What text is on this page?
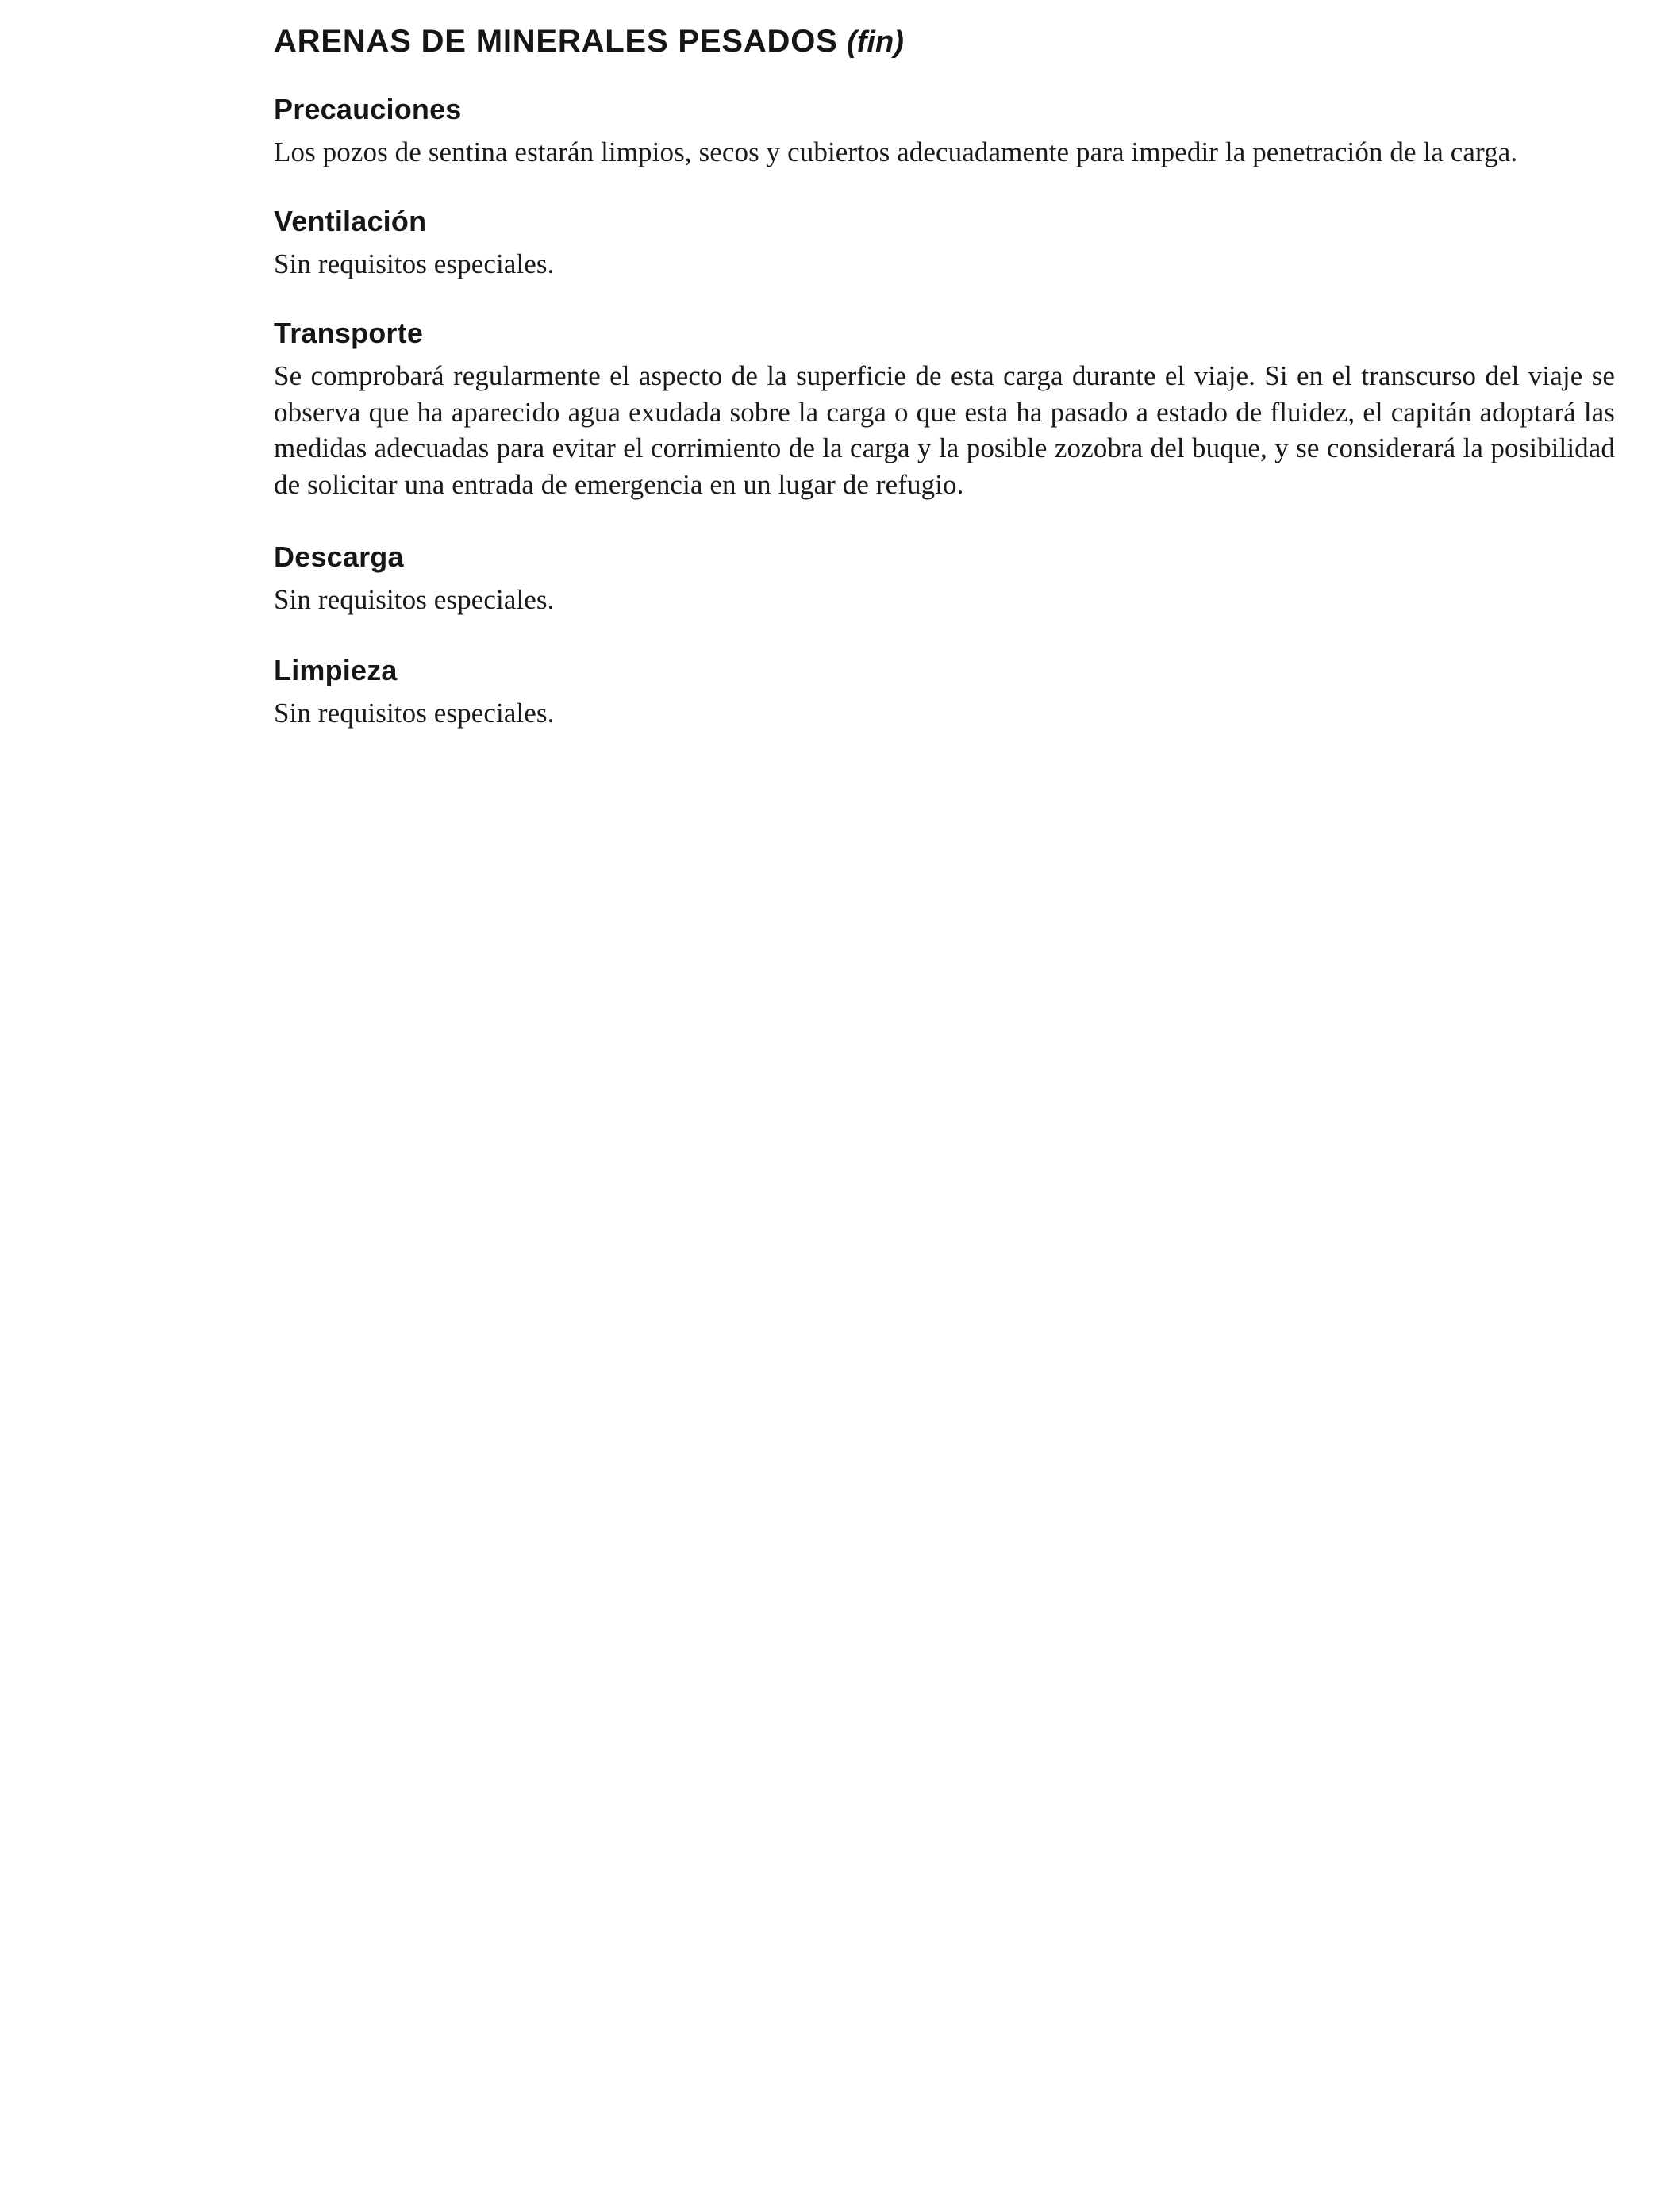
ARENAS DE MINERALES PESADOS (fin)
Precauciones

Los pozos de sentina estarán limpios, secos y cubiertos adecuadamente para impedir la penetración de la carga.

Ventilación

Sin requisitos especiales.

Transporte

Se comprobará regularmente el aspecto de la superficie de esta carga durante el viaje. Si en el transcurso del viaje se observa que ha aparecido agua exudada sobre la carga o que esta ha pasado a estado de fluidez, el capitán adoptará las medidas adecuadas para evitar el corrimiento de la carga y la posible zozobra del buque, y se considerará la posibilidad de solicitar una entrada de emergencia en un lugar de refugio.

Descarga

Sin requisitos especiales.

Limpieza

Sin requisitos especiales.
